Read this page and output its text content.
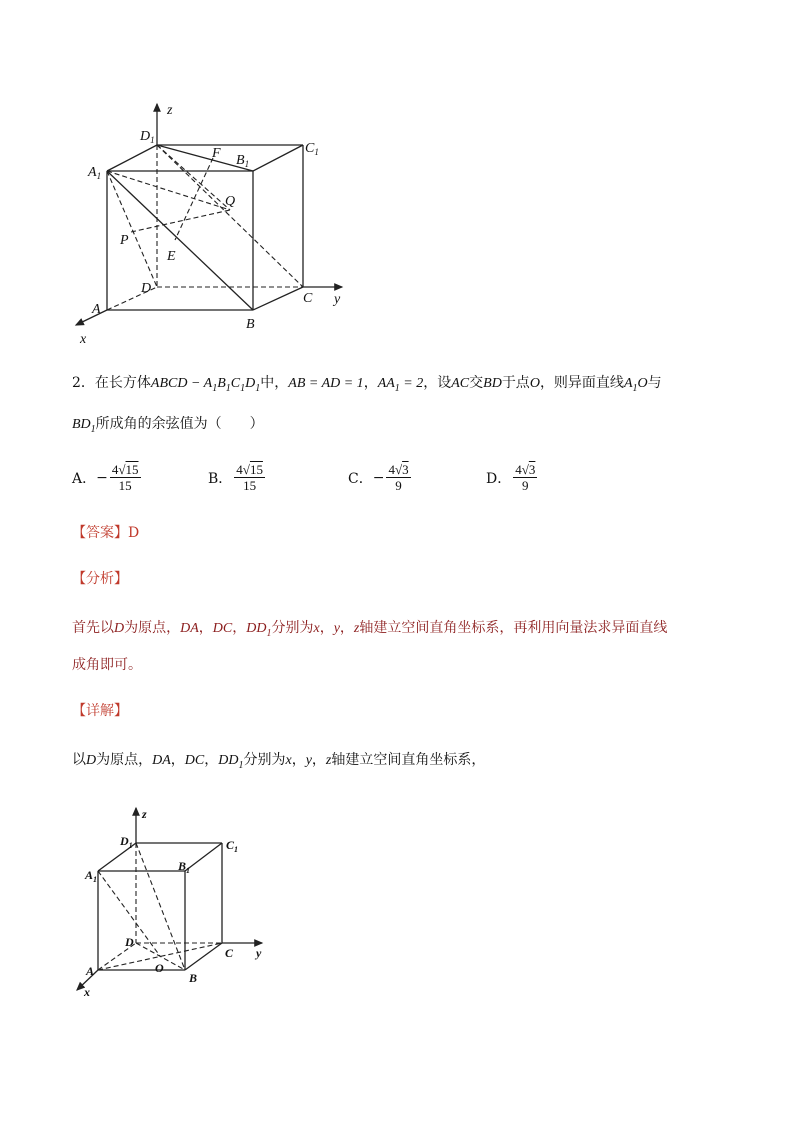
z
y
x
$D_1$
$C_1$
$A_1$
$B_1$
F
Q
P
E
D
C
A
B
2．在长方体ABCD − $A_1B_1C_1D_1$中，AB = AD = 1，$AA_1 = 2$，设AC交BD于点O，则异面直线$A_1O$与
$BD_1$所成角的余弦值为（　　）
A． − $\frac{4√15}{15}$	B． $\frac{4√15}{15}$	C． − $\frac{4√3}{9}$	D． $\frac{4√3}{9}$
【答案】D
【分析】
首先以D为原点，DA，DC，$DD_1$分别为x，y，z轴建立空间直角坐标系，再利用向量法求异面直线
成角即可。
【详解】
以D为原点，DA，DC，$DD_1$分别为x，y，z轴建立空间直角坐标系，
z
y
x
$D_1$	$C_1$
$A_1$
$B_1$
D
C
A	B
O
